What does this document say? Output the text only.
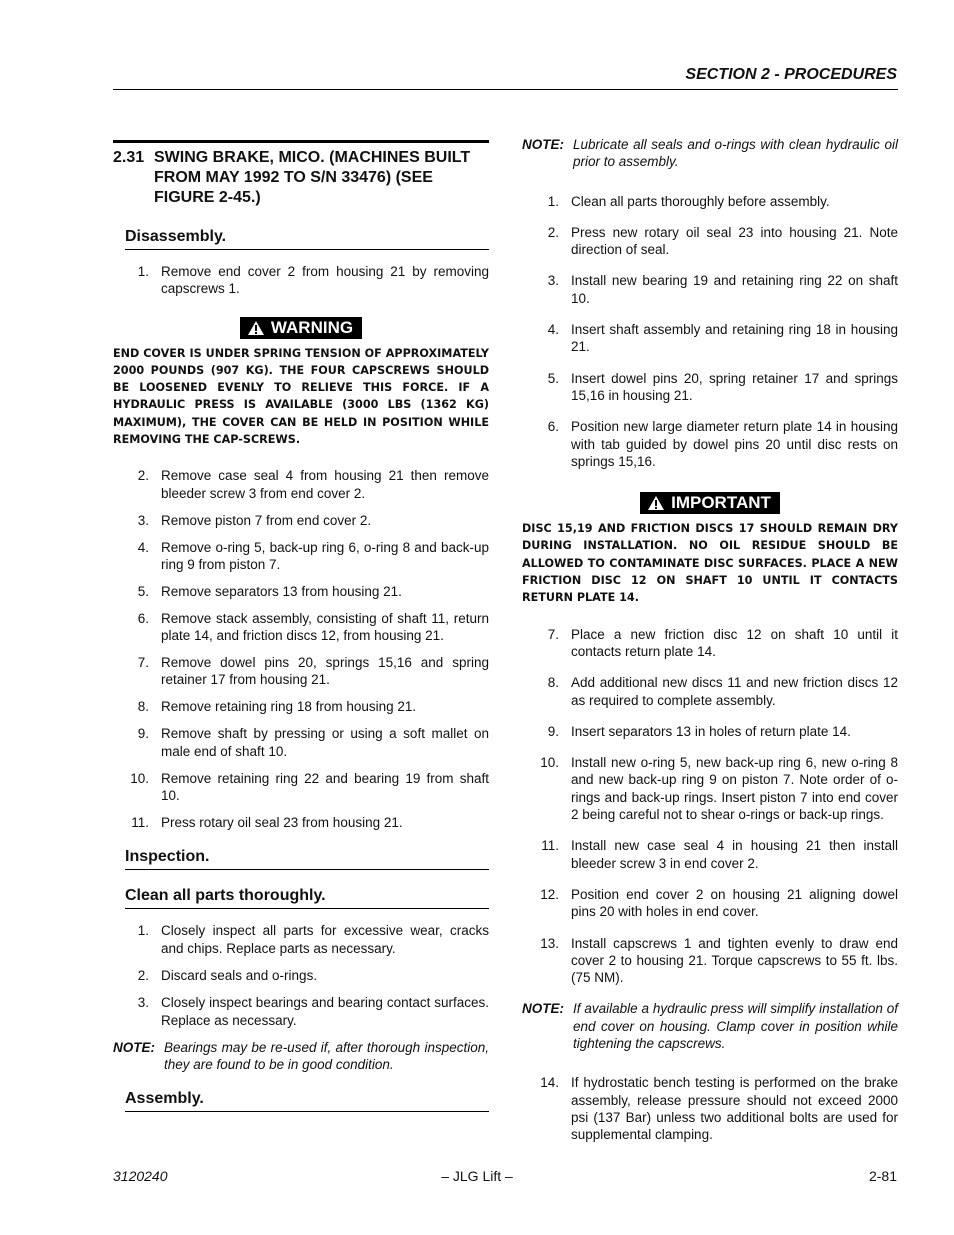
SECTION 2 - PROCEDURES
2.31 SWING BRAKE, MICO. (MACHINES BUILT FROM MAY 1992 TO S/N 33476) (SEE FIGURE 2-45.)
Disassembly.
1. Remove end cover 2 from housing 21 by removing capscrews 1.
WARNING

END COVER IS UNDER SPRING TENSION OF APPROXIMATELY 2000 POUNDS (907 KG). THE FOUR CAPSCREWS SHOULD BE LOOSENED EVENLY TO RELIEVE THIS FORCE. IF A HYDRAULIC PRESS IS AVAILABLE (3000 LBS (1362 KG) MAXIMUM), THE COVER CAN BE HELD IN POSITION WHILE REMOVING THE CAP-SCREWS.

2. Remove case seal 4 from housing 21 then remove bleeder screw 3 from end cover 2.
3. Remove piston 7 from end cover 2.
4. Remove o-ring 5, back-up ring 6, o-ring 8 and back-up ring 9 from piston 7.
5. Remove separators 13 from housing 21.
6. Remove stack assembly, consisting of shaft 11, return plate 14, and friction discs 12, from housing 21.
7. Remove dowel pins 20, springs 15,16 and spring retainer 17 from housing 21.
8. Remove retaining ring 18 from housing 21.
9. Remove shaft by pressing or using a soft mallet on male end of shaft 10.
10. Remove retaining ring 22 and bearing 19 from shaft 10.
11. Press rotary oil seal 23 from housing 21.
Inspection.
Clean all parts thoroughly.
1. Closely inspect all parts for excessive wear, cracks and chips. Replace parts as necessary.
2. Discard seals and o-rings.
3. Closely inspect bearings and bearing contact surfaces. Replace as necessary.
NOTE: Bearings may be re-used if, after thorough inspection, they are found to be in good condition.
Assembly.
NOTE: Lubricate all seals and o-rings with clean hydraulic oil prior to assembly.
1. Clean all parts thoroughly before assembly.
2. Press new rotary oil seal 23 into housing 21. Note direction of seal.
3. Install new bearing 19 and retaining ring 22 on shaft 10.
4. Insert shaft assembly and retaining ring 18 in housing 21.
5. Insert dowel pins 20, spring retainer 17 and springs 15,16 in housing 21.
6. Position new large diameter return plate 14 in housing with tab guided by dowel pins 20 until disc rests on springs 15,16.
IMPORTANT

DISC 15,19 AND FRICTION DISCS 17 SHOULD REMAIN DRY DURING INSTALLATION. NO OIL RESIDUE SHOULD BE ALLOWED TO CONTAMINATE DISC SURFACES. PLACE A NEW FRICTION DISC 12 ON SHAFT 10 UNTIL IT CONTACTS RETURN PLATE 14.

7. Place a new friction disc 12 on shaft 10 until it contacts return plate 14.
8. Add additional new discs 11 and new friction discs 12 as required to complete assembly.
9. Insert separators 13 in holes of return plate 14.
10. Install new o-ring 5, new back-up ring 6, new o-ring 8 and new back-up ring 9 on piston 7. Note order of o-rings and back-up rings. Insert piston 7 into end cover 2 being careful not to shear o-rings or back-up rings.
11. Install new case seal 4 in housing 21 then install bleeder screw 3 in end cover 2.
12. Position end cover 2 on housing 21 aligning dowel pins 20 with holes in end cover.
13. Install capscrews 1 and tighten evenly to draw end cover 2 to housing 21. Torque capscrews to 55 ft. lbs. (75 NM).
NOTE: If available a hydraulic press will simplify installation of end cover on housing. Clamp cover in position while tightening the capscrews.
14. If hydrostatic bench testing is performed on the brake assembly, release pressure should not exceed 2000 psi (137 Bar) unless two additional bolts are used for supplemental clamping.
3120240	– JLG Lift –	2-81
